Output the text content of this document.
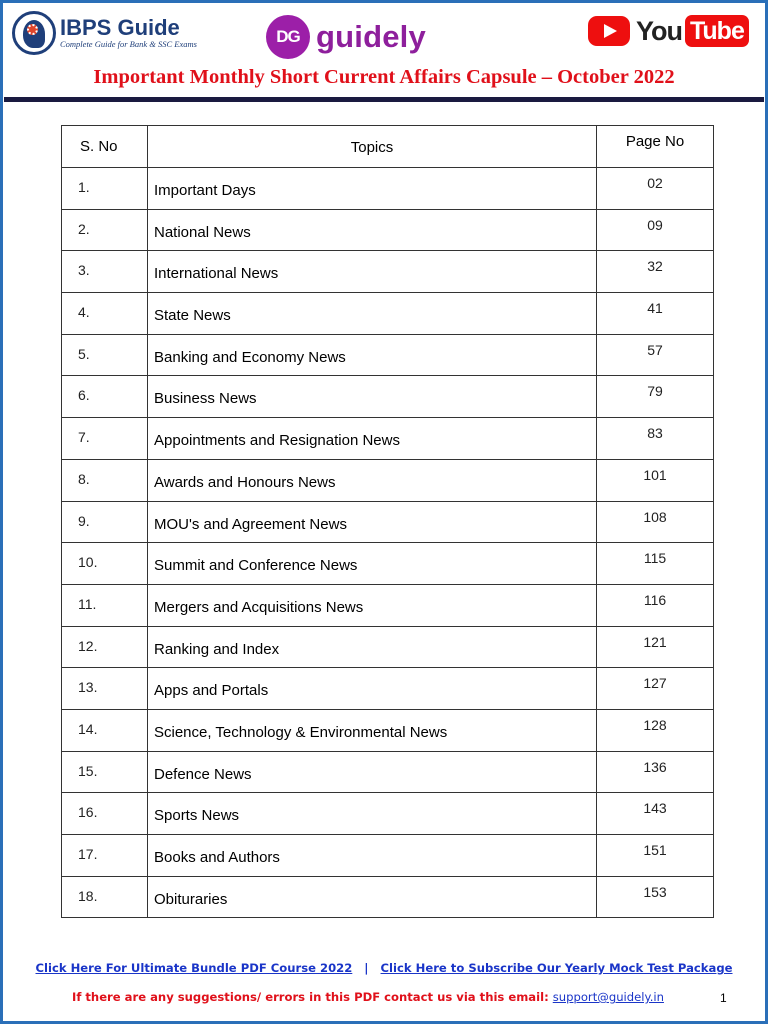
IBPS Guide
Complete Guide for Bank & SSC Exams	DG guidely	You Tube
Important Monthly Short Current Affairs Capsule – October 2022
S. No	Topics	Page No
1.	Important Days	02
2.	National News	09
3.	International News	32
4.	State News	41
5.	Banking and Economy News	57
6.	Business News	79
7.	Appointments and Resignation News	83
8.	Awards and Honours News	101
9.	MOU's and Agreement News	108
10.	Summit and Conference News	115
11.	Mergers and Acquisitions News	116
12.	Ranking and Index	121
13.	Apps and Portals	127
14.	Science, Technology & Environmental News	128
15.	Defence News	136
16.	Sports News	143
17.	Books and Authors	151
18.	Obituraries	153
Click Here For Ultimate Bundle PDF Course 2022 | Click Here to Subscribe Our Yearly Mock Test Package
If there are any suggestions/ errors in this PDF contact us via this email: support@guidely.in	1
